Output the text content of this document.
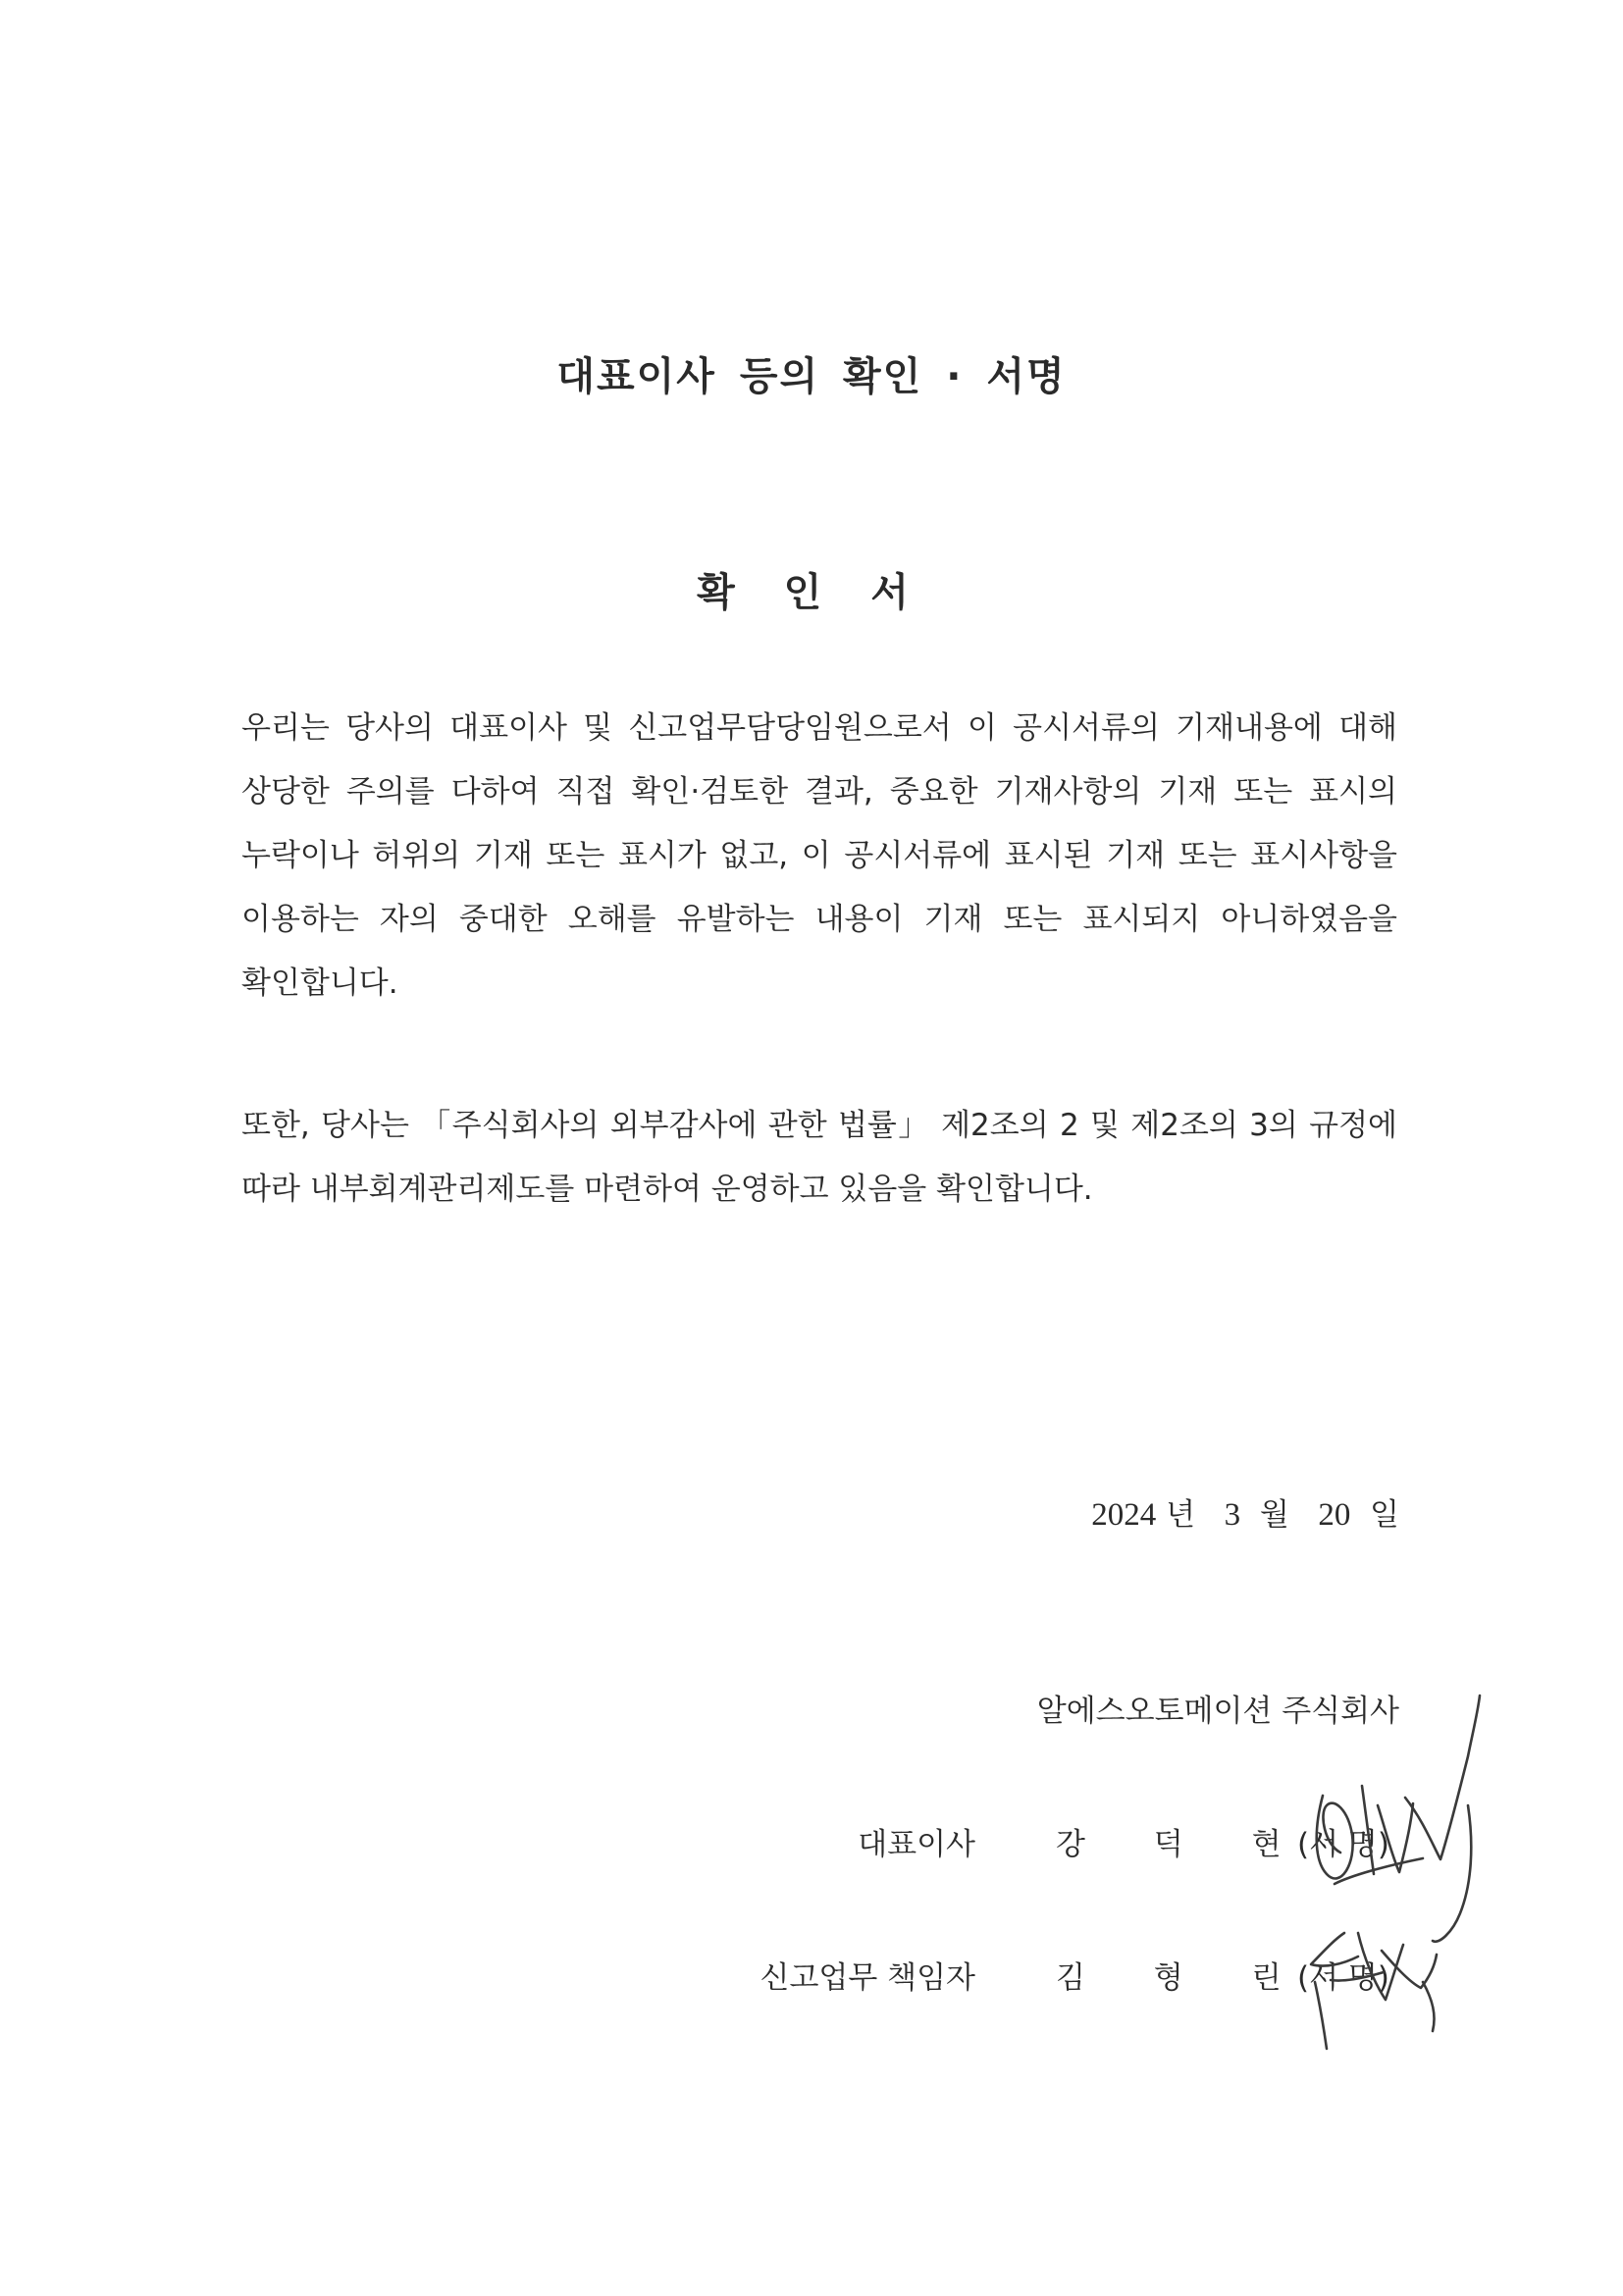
대표이사 등의 확인 · 서명
확 인 서

우리는 당사의 대표이사 및 신고업무담당임원으로서 이 공시서류의 기재내용에 대해 상당한 주의를 다하여 직접 확인·검토한 결과, 중요한 기재사항의 기재 또는 표시의 누락이나 허위의 기재 또는 표시가 없고, 이 공시서류에 표시된 기재 또는 표시사항을 이용하는 자의 중대한 오해를 유발하는 내용이 기재 또는 표시되지 아니하였음을 확인합니다.

또한, 당사는 「주식회사의 외부감사에 관한 법률」 제2조의 2 및 제2조의 3의 규정에 따라 내부회계관리제도를 마련하여 운영하고 있음을 확인합니다.

2024 년 3 월 20 일
알에스오토메이션 주식회사
대표이사	강 덕 현
(서 명)
신고업무 책임자	김 형 린
(서 명)
